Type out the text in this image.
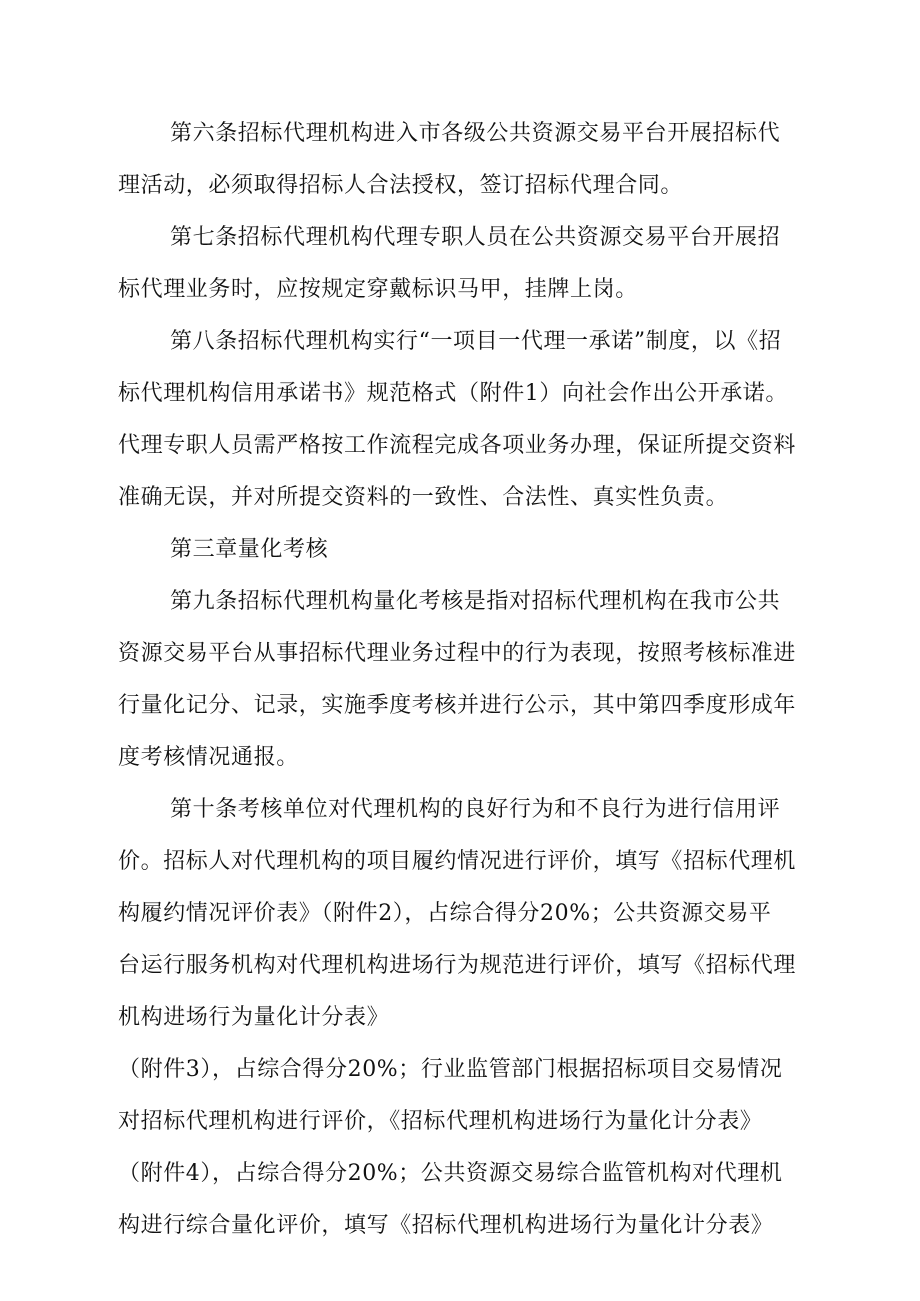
第六条招标代理机构进入市各级公共资源交易平台开展招标代
理活动，必须取得招标人合法授权，签订招标代理合同。
第七条招标代理机构代理专职人员在公共资源交易平台开展招
标代理业务时，应按规定穿戴标识马甲，挂牌上岗。
第八条招标代理机构实行“一项目一代理一承诺”制度，以《招
标代理机构信用承诺书》规范格式（附件1）向社会作出公开承诺。
代理专职人员需严格按工作流程完成各项业务办理，保证所提交资料
准确无误，并对所提交资料的一致性、合法性、真实性负责。
第三章量化考核
第九条招标代理机构量化考核是指对招标代理机构在我市公共
资源交易平台从事招标代理业务过程中的行为表现，按照考核标准进
行量化记分、记录，实施季度考核并进行公示，其中第四季度形成年
度考核情况通报。
第十条考核单位对代理机构的良好行为和不良行为进行信用评
价。招标人对代理机构的项目履约情况进行评价，填写《招标代理机
构履约情况评价表》（附件2），占综合得分20%；公共资源交易平
台运行服务机构对代理机构进场行为规范进行评价，填写《招标代理
机构进场行为量化计分表》
（附件3），占综合得分20%；行业监管部门根据招标项目交易情况
对招标代理机构进行评价，《招标代理机构进场行为量化计分表》
（附件4），占综合得分20%；公共资源交易综合监管机构对代理机
构进行综合量化评价，填写《招标代理机构进场行为量化计分表》
